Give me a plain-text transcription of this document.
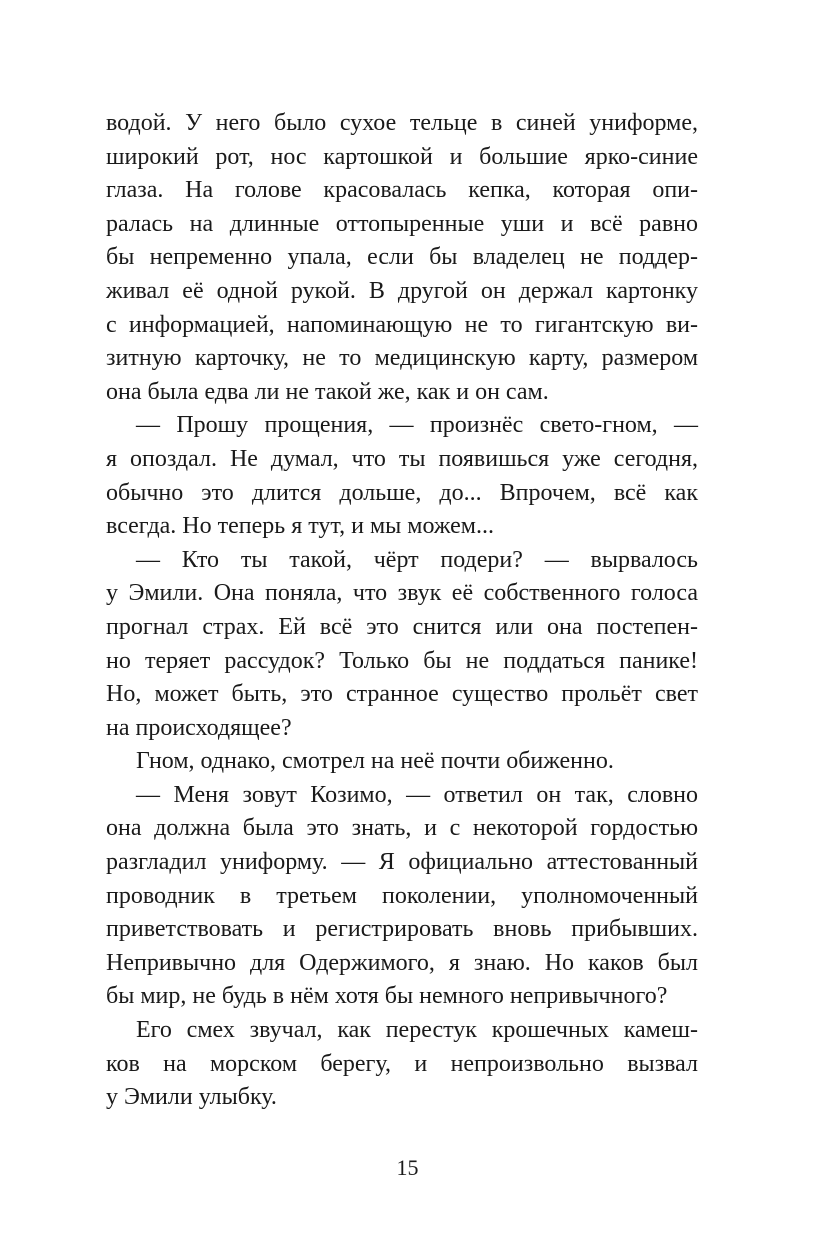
водой. У него было сухое тельце в синей униформе,
широкий рот, нос картошкой и большие ярко-синие
глаза. На голове красовалась кепка, которая опи-
ралась на длинные оттопыренные уши и всё равно
бы непременно упала, если бы владелец не поддер-
живал её одной рукой. В другой он держал картонку
с информацией, напоминающую не то гигантскую ви-
зитную карточку, не то медицинскую карту, размером
она была едва ли не такой же, как и он сам.
— Прошу прощения, — произнёс свето-гном, —
я опоздал. Не думал, что ты появишься уже сегодня,
обычно это длится дольше, до... Впрочем, всё как
всегда. Но теперь я тут, и мы можем...
— Кто ты такой, чёрт подери? — вырвалось
у Эмили. Она поняла, что звук её собственного голоса
прогнал страх. Ей всё это снится или она постепен-
но теряет рассудок? Только бы не поддаться панике!
Но, может быть, это странное существо прольёт свет
на происходящее?
Гном, однако, смотрел на неё почти обиженно.
— Меня зовут Козимо, — ответил он так, словно
она должна была это знать, и с некоторой гордостью
разгладил униформу. — Я официально аттестованный
проводник в третьем поколении, уполномоченный
приветствовать и регистрировать вновь прибывших.
Непривычно для Одержимого, я знаю. Но каков был
бы мир, не будь в нём хотя бы немного непривычного?
Его смех звучал, как перестук крошечных камеш-
ков на морском берегу, и непроизвольно вызвал
у Эмили улыбку.
15
